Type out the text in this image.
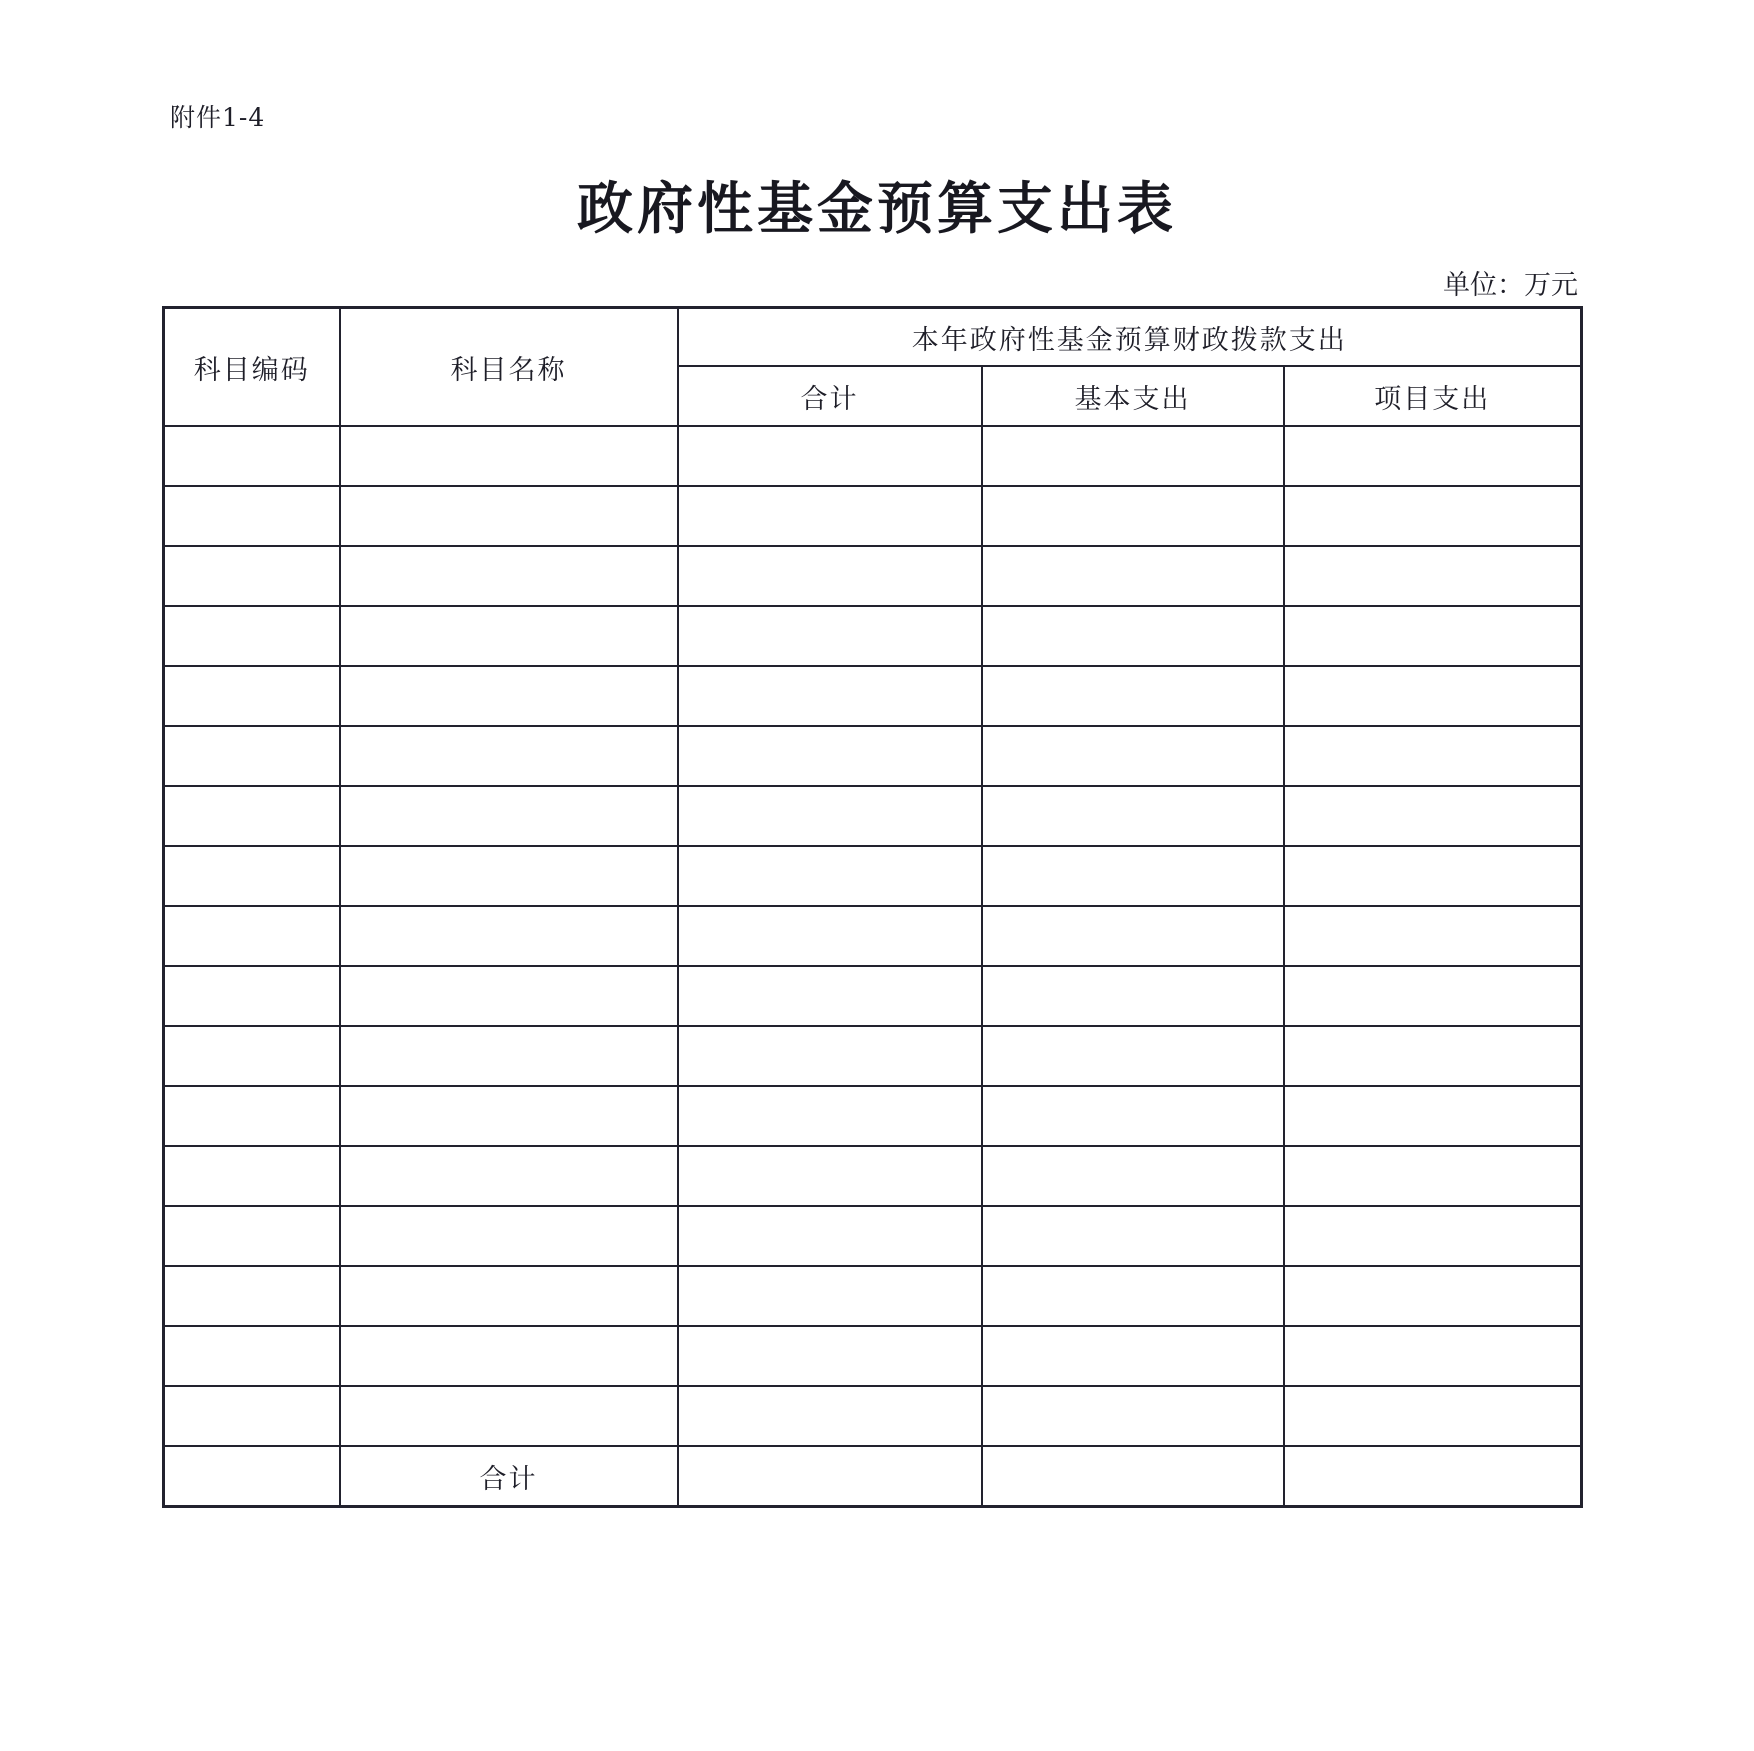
附件1-4
政府性基金预算支出表
单位：万元
科目编码	科目名称	本年政府性基金预算财政拨款支出		
		合计	基本支出	项目支出

	合计			
